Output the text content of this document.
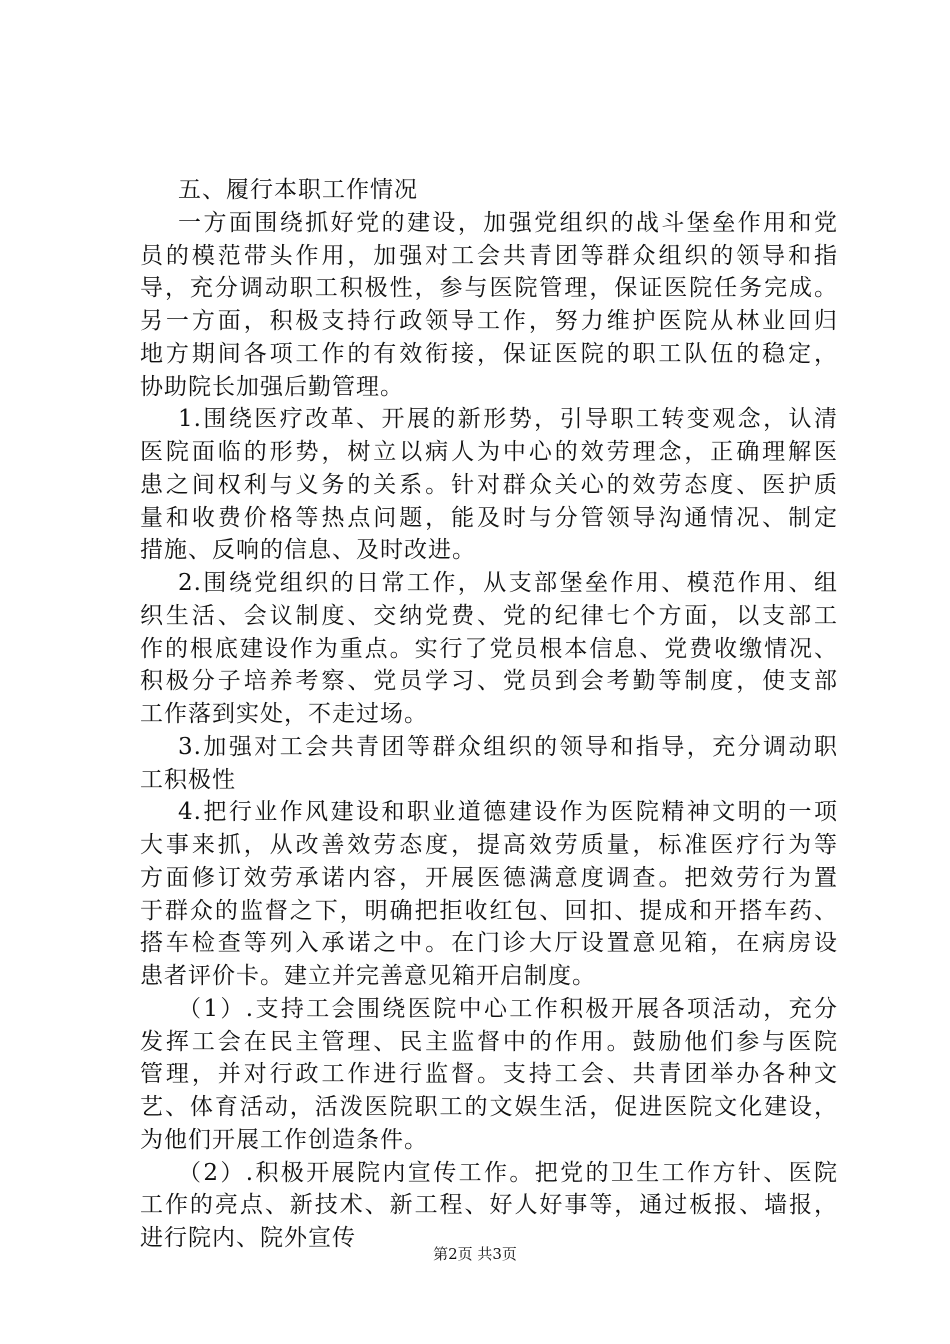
五、履行本职工作情况
一方面围绕抓好党的建设，加强党组织的战斗堡垒作用和党
员的模范带头作用，加强对工会共青团等群众组织的领导和指
导，充分调动职工积极性，参与医院管理，保证医院任务完成。
另一方面，积极支持行政领导工作，努力维护医院从林业回归
地方期间各项工作的有效衔接，保证医院的职工队伍的稳定，
协助院长加强后勤管理。
1.围绕医疗改革、开展的新形势，引导职工转变观念，认清
医院面临的形势，树立以病人为中心的效劳理念，正确理解医
患之间权利与义务的关系。针对群众关心的效劳态度、医护质
量和收费价格等热点问题，能及时与分管领导沟通情况、制定
措施、反响的信息、及时改进。
2.围绕党组织的日常工作，从支部堡垒作用、模范作用、组
织生活、会议制度、交纳党费、党的纪律七个方面，以支部工
作的根底建设作为重点。实行了党员根本信息、党费收缴情况、
积极分子培养考察、党员学习、党员到会考勤等制度，使支部
工作落到实处，不走过场。
3.加强对工会共青团等群众组织的领导和指导，充分调动职
工积极性
4.把行业作风建设和职业道德建设作为医院精神文明的一项
大事来抓，从改善效劳态度，提高效劳质量，标准医疗行为等
方面修订效劳承诺内容，开展医德满意度调查。把效劳行为置
于群众的监督之下，明确把拒收红包、回扣、提成和开搭车药、
搭车检查等列入承诺之中。在门诊大厅设置意见箱，在病房设
患者评价卡。建立并完善意见箱开启制度。
（1）.支持工会围绕医院中心工作积极开展各项活动，充分
发挥工会在民主管理、民主监督中的作用。鼓励他们参与医院
管理，并对行政工作进行监督。支持工会、共青团举办各种文
艺、体育活动，活泼医院职工的文娱生活，促进医院文化建设，
为他们开展工作创造条件。
（2）.积极开展院内宣传工作。把党的卫生工作方针、医院
工作的亮点、新技术、新工程、好人好事等，通过板报、墙报，
进行院内、院外宣传
第2页 共3页
